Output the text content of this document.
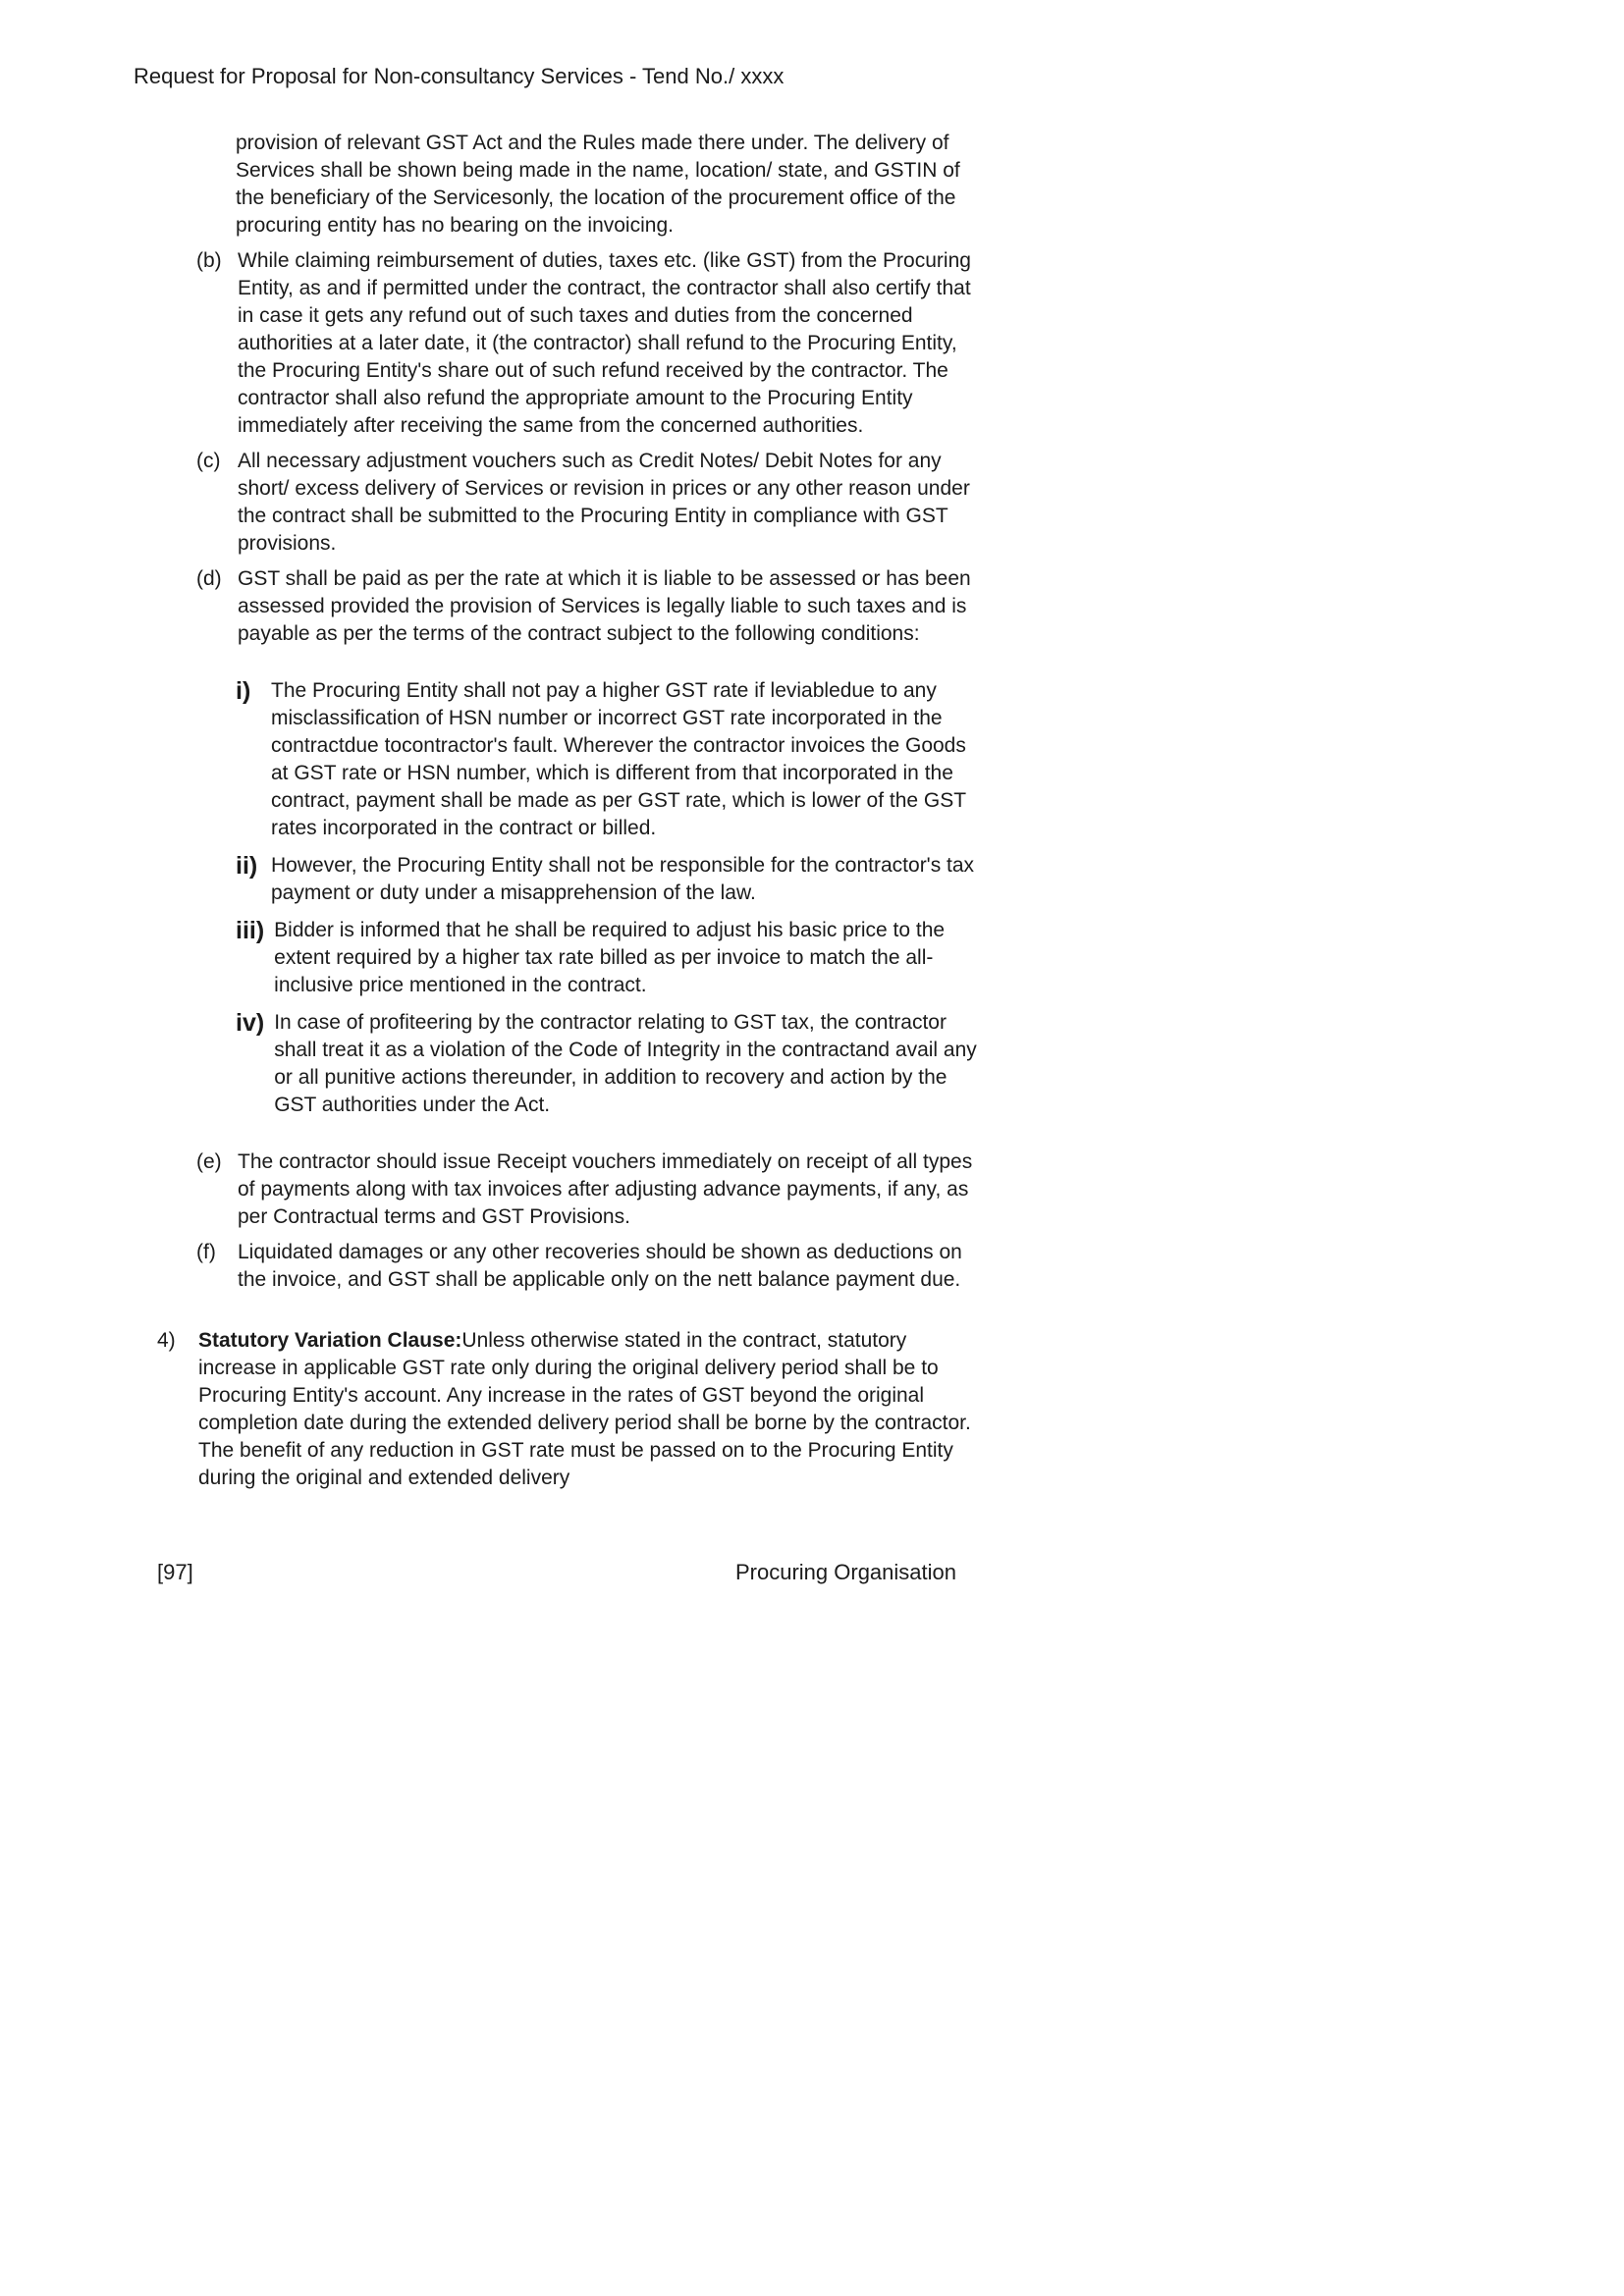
Request for Proposal for Non-consultancy Services - Tend No./ xxxx

provision of relevant GST Act and the Rules made there under. The delivery of Services shall be shown being made in the name, location/ state, and GSTIN of the beneficiary of the Servicesonly, the location of the procurement office of the procuring entity has no bearing on the invoicing.

(b) While claiming reimbursement of duties, taxes etc. (like GST) from the Procuring Entity, as and if permitted under the contract, the contractor shall also certify that in case it gets any refund out of such taxes and duties from the concerned authorities at a later date, it (the contractor) shall refund to the Procuring Entity, the Procuring Entity's share out of such refund received by the contractor. The contractor shall also refund the appropriate amount to the Procuring Entity immediately after receiving the same from the concerned authorities.
(c) All necessary adjustment vouchers such as Credit Notes/ Debit Notes for any short/ excess delivery of Services or revision in prices or any other reason under the contract shall be submitted to the Procuring Entity in compliance with GST provisions.
(d) GST shall be paid as per the rate at which it is liable to be assessed or has been assessed provided the provision of Services is legally liable to such taxes and is payable as per the terms of the contract subject to the following conditions:
i) The Procuring Entity shall not pay a higher GST rate if leviabledue to any misclassification of HSN number or incorrect GST rate incorporated in the contractdue tocontractor's fault. Wherever the contractor invoices the Goods at GST rate or HSN number, which is different from that incorporated in the contract, payment shall be made as per GST rate, which is lower of the GST rates incorporated in the contract or billed.
ii) However, the Procuring Entity shall not be responsible for the contractor's tax payment or duty under a misapprehension of the law.
iii) Bidder is informed that he shall be required to adjust his basic price to the extent required by a higher tax rate billed as per invoice to match the all-inclusive price mentioned in the contract.
iv) In case of profiteering by the contractor relating to GST tax, the contractor shall treat it as a violation of the Code of Integrity in the contractand avail any or all punitive actions thereunder, in addition to recovery and action by the GST authorities under the Act.
(e) The contractor should issue Receipt vouchers immediately on receipt of all types of payments along with tax invoices after adjusting advance payments, if any, as per Contractual terms and GST Provisions.
(f)	Liquidated damages or any other recoveries should be shown as deductions on the invoice, and GST shall be applicable only on the nett balance payment due.
4)	Statutory Variation Clause:Unless otherwise stated in the contract, statutory increase in applicable GST rate only during the original delivery period shall be to Procuring Entity's account. Any increase in the rates of GST beyond the original completion date during the extended delivery period shall be borne by the contractor. The benefit of any reduction in GST rate must be passed on to the Procuring Entity during the original and extended delivery
[97]	Procuring Organisation
